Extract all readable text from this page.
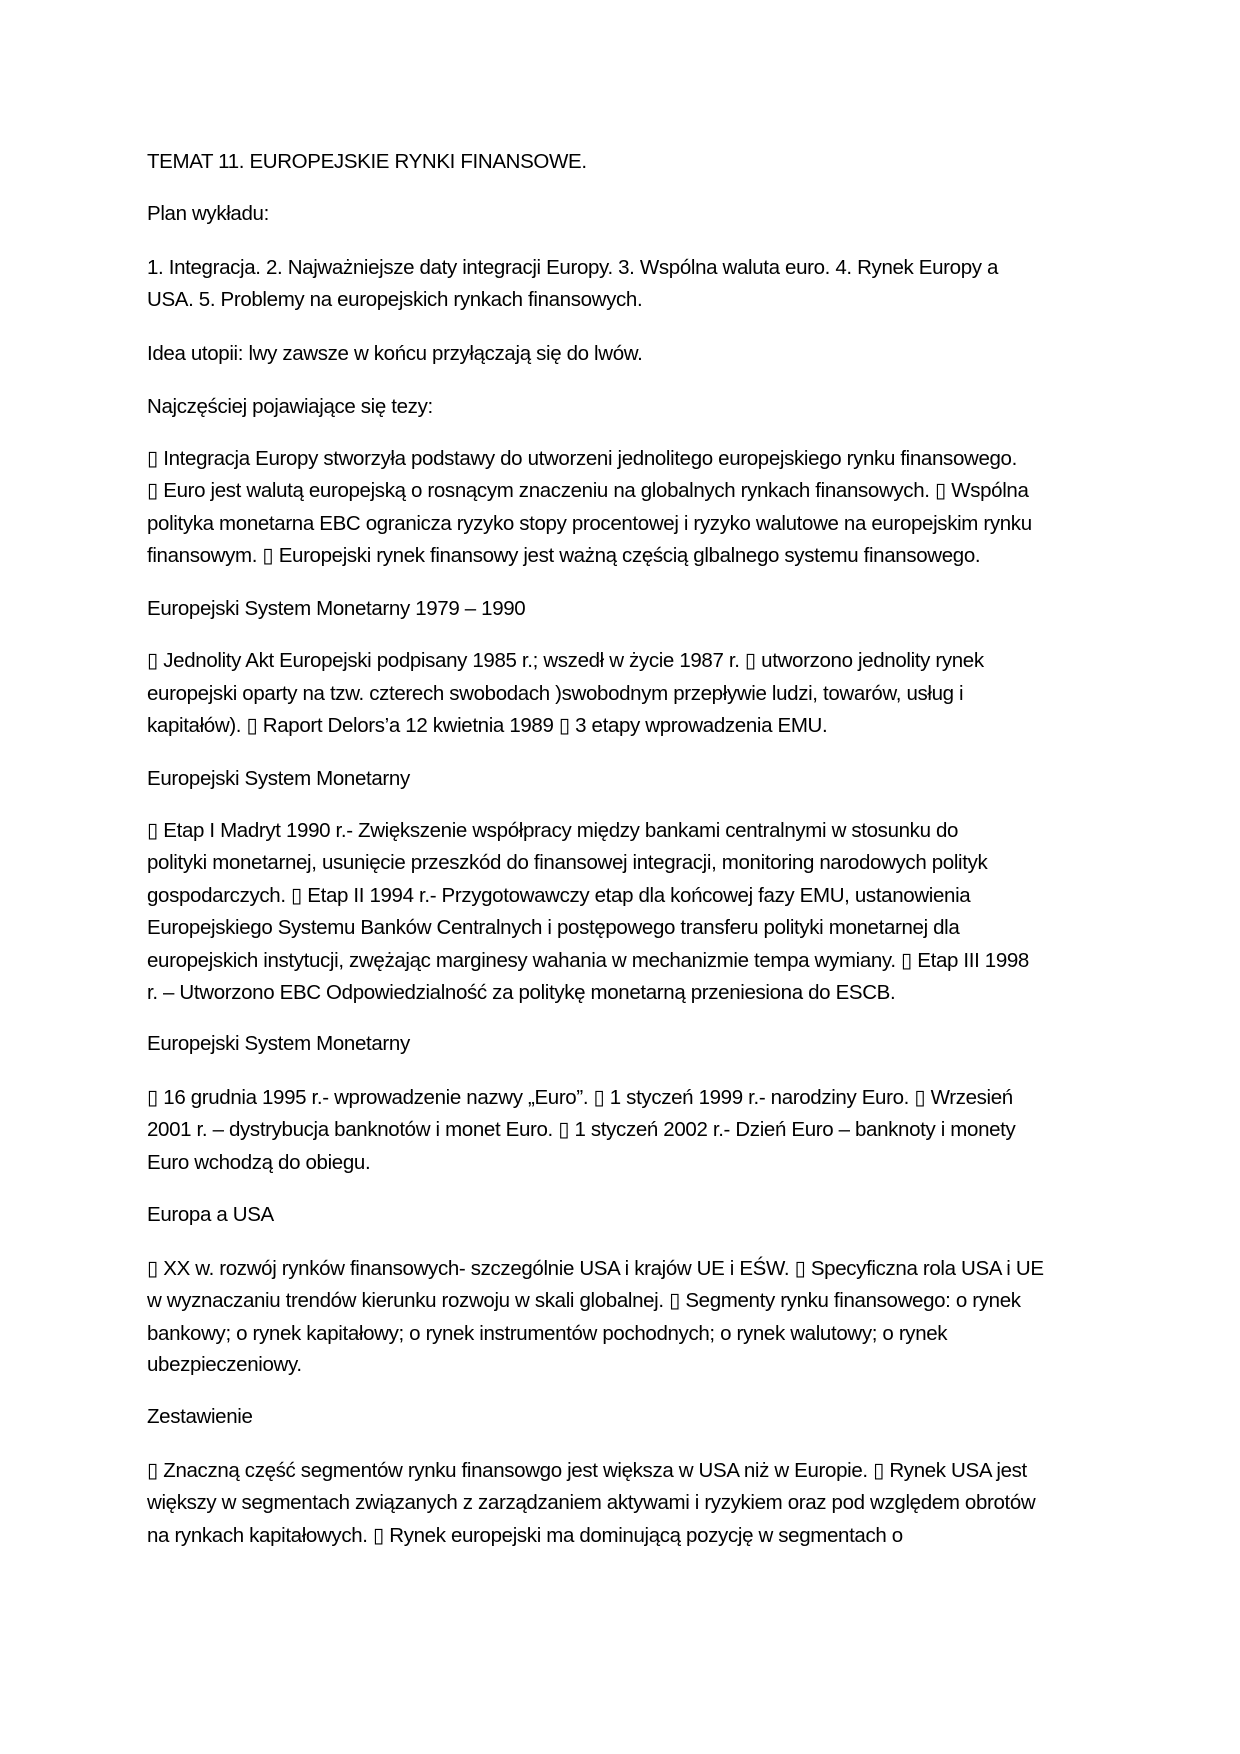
TEMAT 11. EUROPEJSKIE RYNKI FINANSOWE.
Plan wykładu:
1. Integracja. 2. Najważniejsze daty integracji Europy. 3. Wspólna waluta euro. 4. Rynek Europy a
USA. 5. Problemy na europejskich rynkach finansowych.
Idea utopii: lwy zawsze w końcu przyłączają się do lwów.
Najczęściej pojawiające się tezy:
▯ Integracja Europy stworzyła podstawy do utworzeni jednolitego europejskiego rynku finansowego.
▯ Euro jest walutą europejską o rosnącym znaczeniu na globalnych rynkach finansowych. ▯ Wspólna
polityka monetarna EBC ogranicza ryzyko stopy procentowej i ryzyko walutowe na europejskim rynku
finansowym. ▯ Europejski rynek finansowy jest ważną częścią glbalnego systemu finansowego.
Europejski System Monetarny 1979 – 1990
▯ Jednolity Akt Europejski podpisany 1985 r.; wszedł w życie 1987 r. ▯ utworzono jednolity rynek
europejski oparty na tzw. czterech swobodach )swobodnym przepływie ludzi, towarów, usług i
kapitałów). ▯ Raport Delors’a 12 kwietnia 1989 ▯ 3 etapy wprowadzenia EMU.
Europejski System Monetarny
▯ Etap I Madryt 1990 r.- Zwiększenie współpracy między bankami centralnymi w stosunku do
polityki monetarnej, usunięcie przeszkód do finansowej integracji, monitoring narodowych polityk
gospodarczych. ▯ Etap II 1994 r.- Przygotowawczy etap dla końcowej fazy EMU, ustanowienia
Europejskiego Systemu Banków Centralnych i postępowego transferu polityki monetarnej dla
europejskich instytucji, zwężając marginesy wahania w mechanizmie tempa wymiany. ▯ Etap III 1998
r. – Utworzono EBC Odpowiedzialność za politykę monetarną przeniesiona do ESCB.
Europejski System Monetarny
▯ 16 grudnia 1995 r.- wprowadzenie nazwy „Euro”. ▯ 1 styczeń 1999 r.- narodziny Euro. ▯ Wrzesień
2001 r. – dystrybucja banknotów i monet Euro. ▯ 1 styczeń 2002 r.- Dzień Euro – banknoty i monety
Euro wchodzą do obiegu.
Europa a USA
▯ XX w. rozwój rynków finansowych- szczególnie USA i krajów UE i EŚW. ▯ Specyficzna rola USA i UE
w wyznaczaniu trendów kierunku rozwoju w skali globalnej. ▯ Segmenty rynku finansowego: o rynek
bankowy; o rynek kapitałowy; o rynek instrumentów pochodnych; o rynek walutowy; o rynek
ubezpieczeniowy.
Zestawienie
▯ Znaczną część segmentów rynku finansowgo jest większa w USA niż w Europie. ▯ Rynek USA jest
większy w segmentach związanych z zarządzaniem aktywami i ryzykiem oraz pod względem obrotów
na rynkach kapitałowych. ▯ Rynek europejski ma dominującą pozycję w segmentach o
